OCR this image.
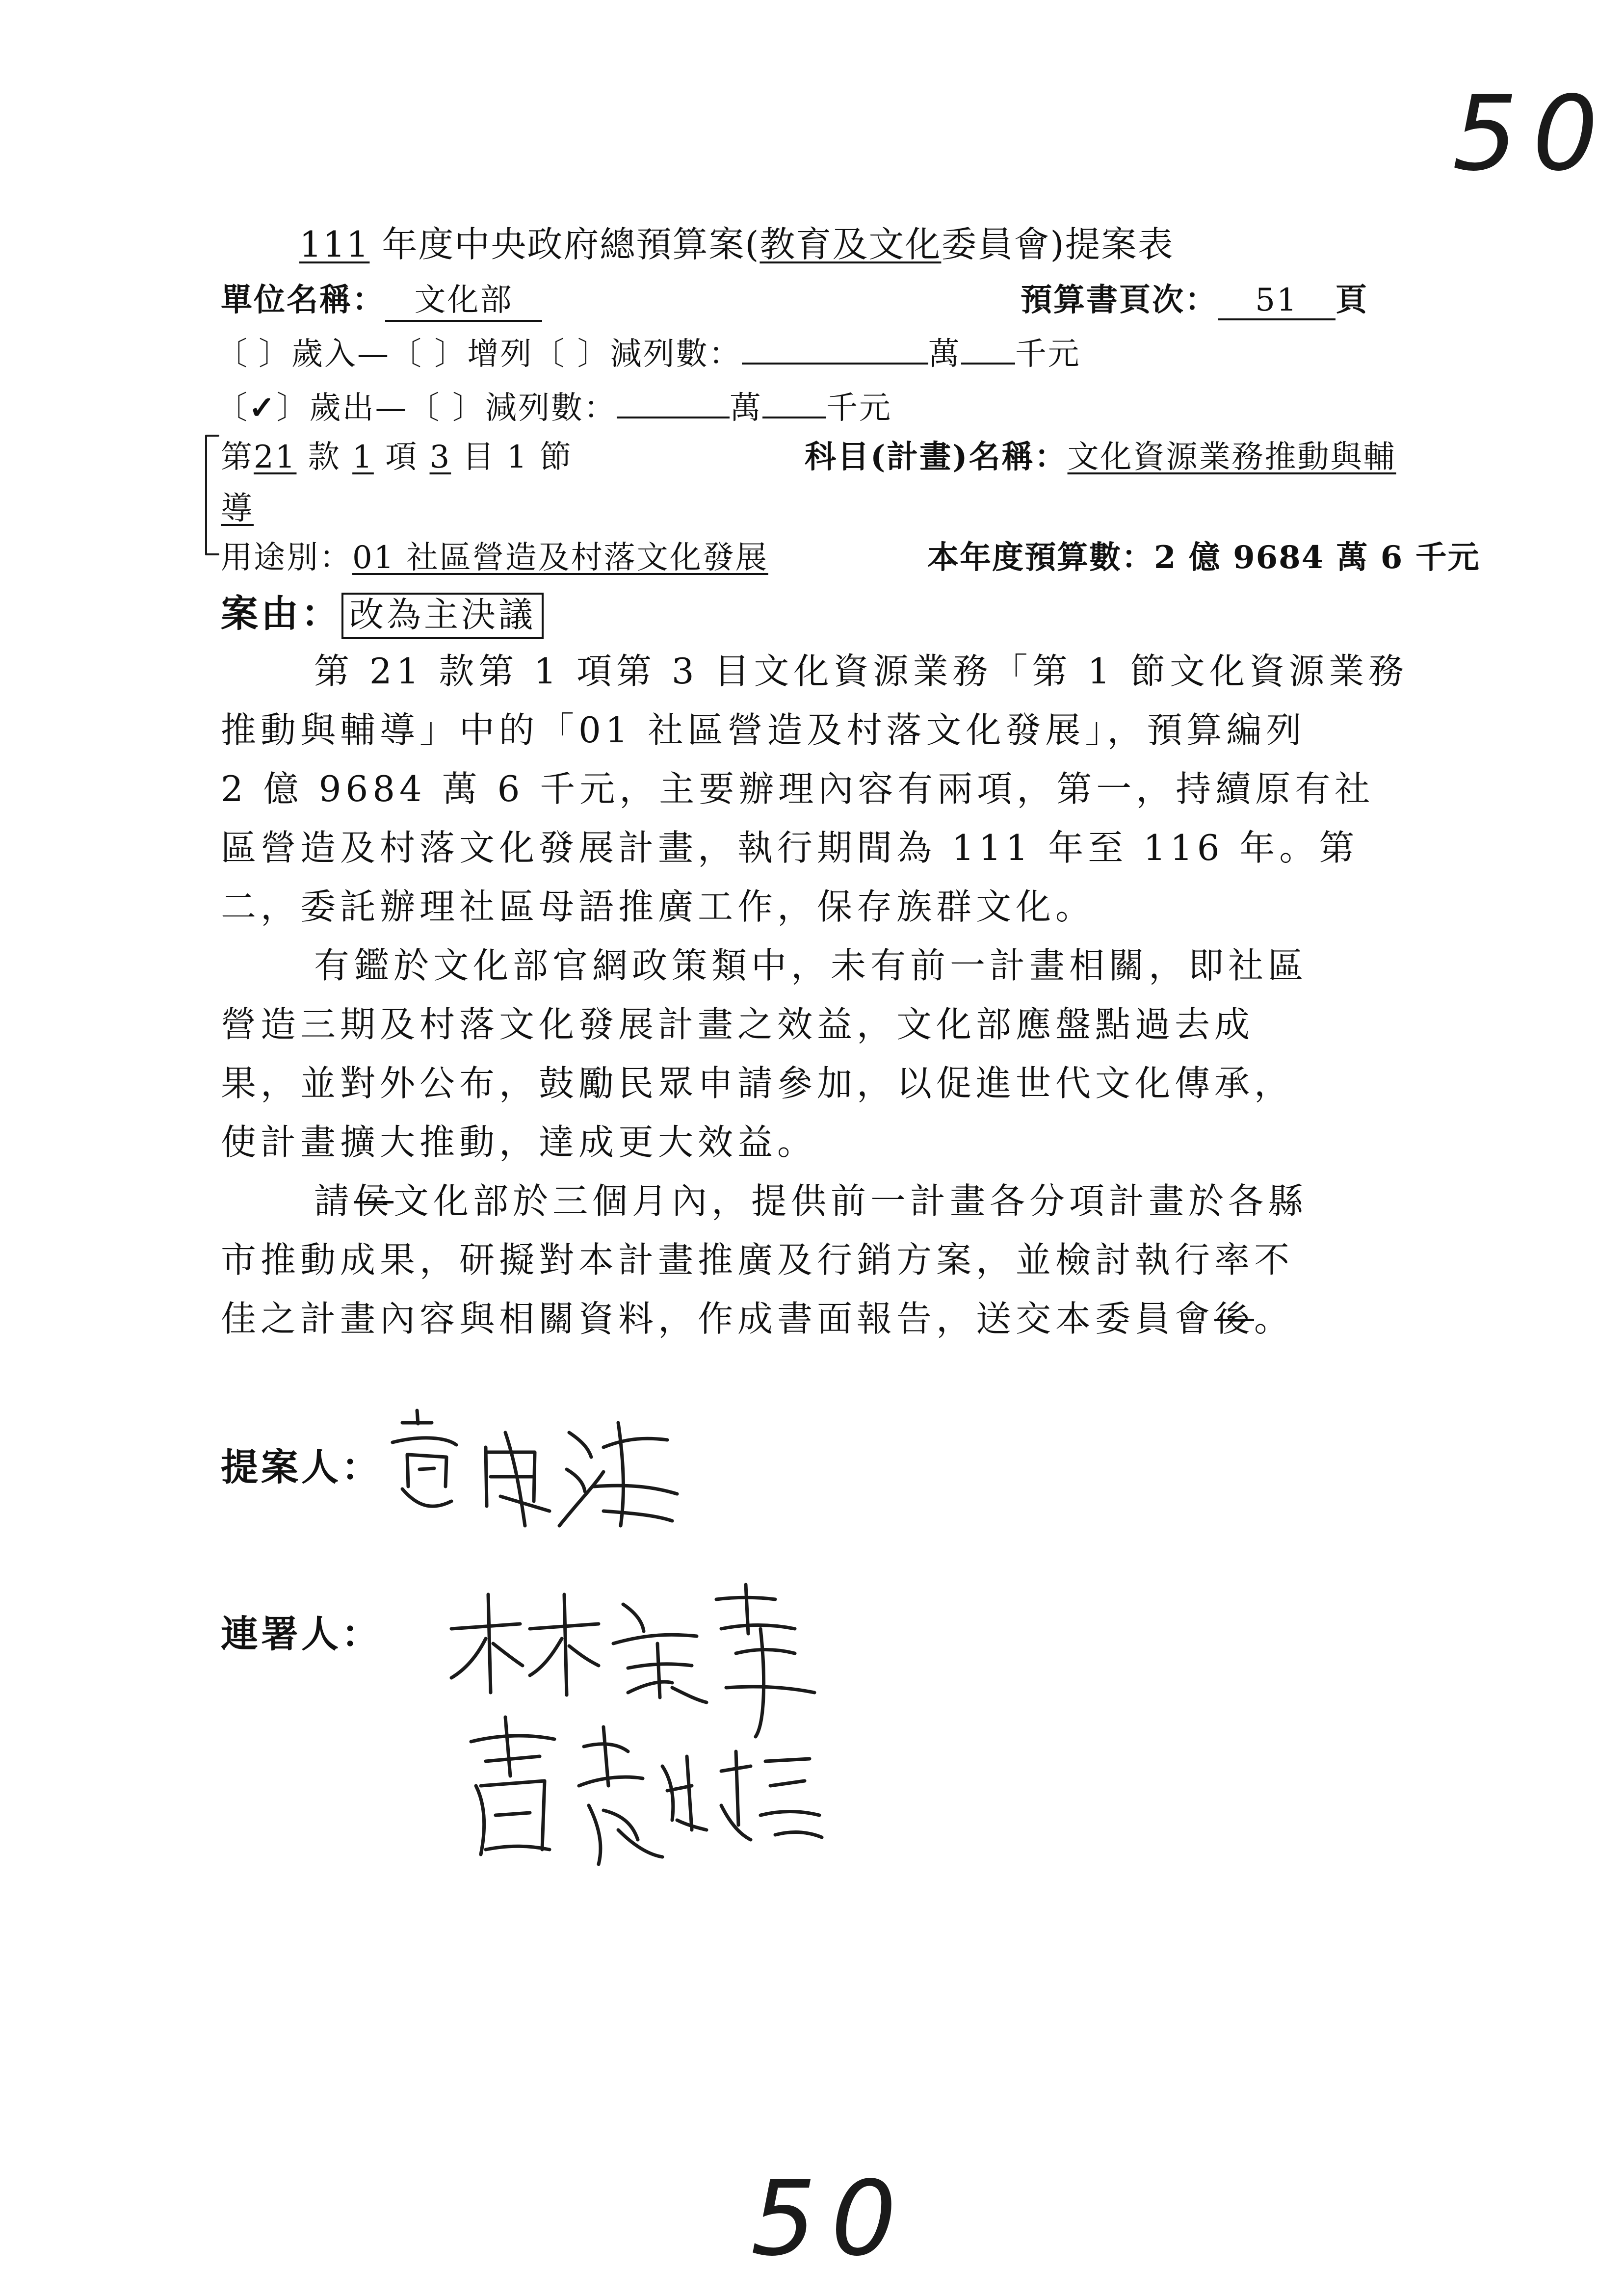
50
50
111 年度中央政府總預算案(教育及文化委員會)提案表
單位名稱： 文化部	預算書頁次： 51 頁
〔 〕歲入—〔 〕增列〔 〕減列數：	萬 千元
〔✓〕歲出—〔 〕減列數：	萬 千元
第21 款 1 項 3 目 1 節	科目(計畫)名稱：文化資源業務推動與輔
導
用途別：01 社區營造及村落文化發展	本年度預算數：2 億 9684 萬 6 千元
案由： 改為主決議
第 21 款第 1 項第 3 目文化資源業務「第 1 節文化資源業務
推動與輔導」中的「01 社區營造及村落文化發展」，預算編列
2 億 9684 萬 6 千元，主要辦理內容有兩項，第一，持續原有社
區營造及村落文化發展計畫，執行期間為 111 年至 116 年。第
二，委託辦理社區母語推廣工作，保存族群文化。
有鑑於文化部官網政策類中，未有前一計畫相關，即社區
營造三期及村落文化發展計畫之效益，文化部應盤點過去成
果，並對外公布，鼓勵民眾申請參加，以促進世代文化傳承，
使計畫擴大推動，達成更大效益。
請侯文化部於三個月內，提供前一計畫各分項計畫於各縣
市推動成果，研擬對本計畫推廣及行銷方案，並檢討執行率不
佳之計畫內容與相關資料，作成書面報告，送交本委員會後。
提案人：
連署人：
